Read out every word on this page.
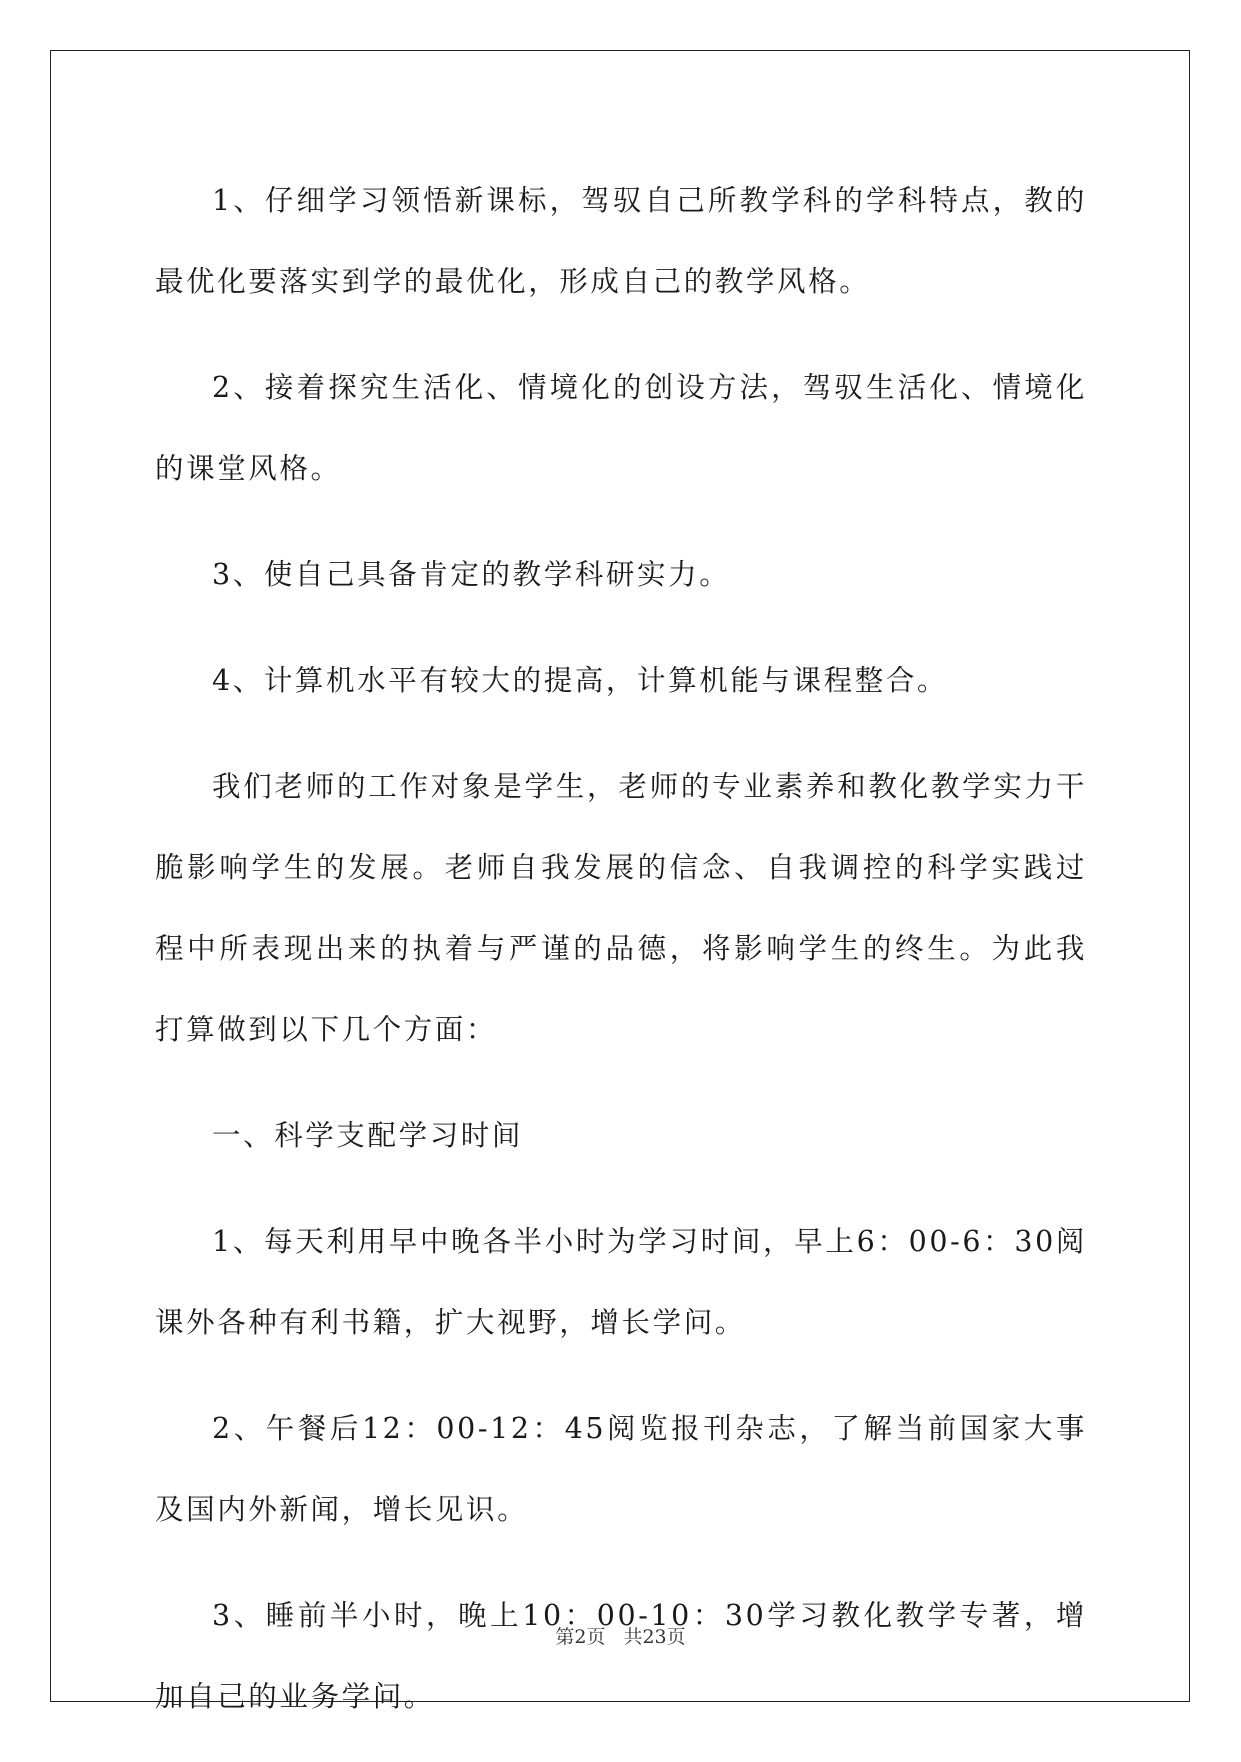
1、仔细学习领悟新课标，驾驭自己所教学科的学科特点，教的最优化要落实到学的最优化，形成自己的教学风格。

2、接着探究生活化、情境化的创设方法，驾驭生活化、情境化的课堂风格。

3、使自己具备肯定的教学科研实力。

4、计算机水平有较大的提高，计算机能与课程整合。

我们老师的工作对象是学生，老师的专业素养和教化教学实力干脆影响学生的发展。老师自我发展的信念、自我调控的科学实践过程中所表现出来的执着与严谨的品德，将影响学生的终生。为此我打算做到以下几个方面：

一、科学支配学习时间

1、每天利用早中晚各半小时为学习时间，早上6：00-6：30阅课外各种有利书籍，扩大视野，增长学问。

2、午餐后12：00-12：45阅览报刊杂志，了解当前国家大事及国内外新闻，增长见识。

3、睡前半小时，晚上10：00-10：30学习教化教学专著，增加自己的业务学问。

第2页 共23页
